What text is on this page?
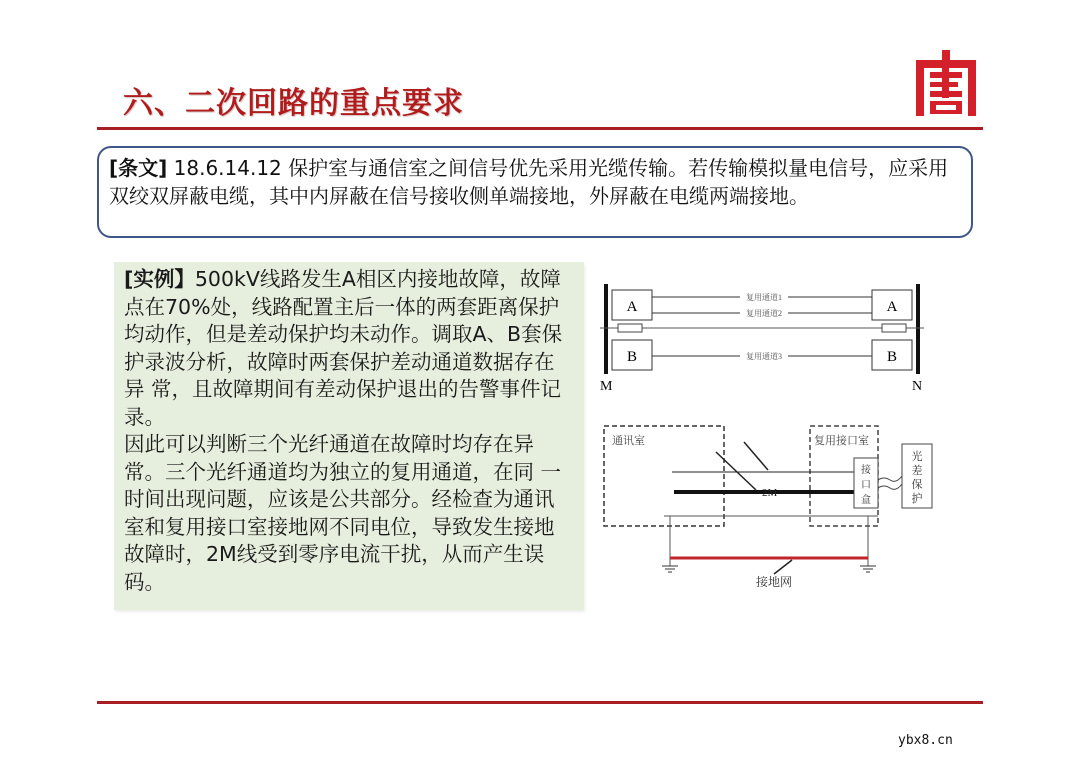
六、二次回路的重点要求
[条文] 18.6.14.12 保护室与通信室之间信号优先采用光缆传输。若传输模拟量电信号，应采用双绞双屏蔽电缆，其中内屏蔽在信号接收侧单端接地，外屏蔽在电缆两端接地。
[实例】500kV线路发生A相区内接地故障，故障点在70%处，线路配置主后一体的两套距离保护均动作，但是差动保护均未动作。调取A、B套保护录波分析，故障时两套保护差动通道数据存在异 常，且故障期间有差动保护退出的告警事件记录。
因此可以判断三个光纤通道在故障时均存在异常。三个光纤通道均为独立的复用通道，在同 一时间出现问题，应该是公共部分。经检查为通讯室和复用接口室接地网不同电位，导致发生接地故障时，2M线受到零序电流干扰，从而产生误码。
A	A
B	B
复用通道1
复用通道2
复用通道3
M	N
通讯室	复用接口室
2M
接
口
盒
光
差
保
护
接地网
ybx8.cn
